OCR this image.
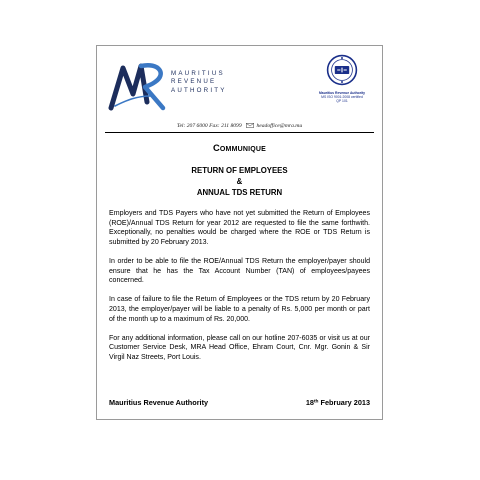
MAURITIUS
REVENUE
AUTHORITY	Mauritius Revenue Authority
MS ISO 9001:2008 certified
QP 101
Tel: 207 6000 Fax: 211 8099	headoffice@mra.mu
Communique
RETURN OF EMPLOYEES
&
ANNUAL TDS RETURN

Employers and TDS Payers who have not yet submitted the Return of Employees (ROE)/Annual TDS Return for year 2012 are requested to file the same forthwith. Exceptionally, no penalties would be charged where the ROE or TDS Return is submitted by 20 February 2013.

In order to be able to file the ROE/Annual TDS Return the employer/payer should ensure that he has the Tax Account Number (TAN) of employees/payees concerned.

In case of failure to file the Return of Employees or the TDS return by 20 February 2013, the employer/payer will be liable to a penalty of Rs. 5,000 per month or part of the month up to a maximum of Rs. 20,000.

For any additional information, please call on our hotline 207-6035 or visit us at our Customer Service Desk, MRA Head Office, Ehram Court, Cnr. Mgr. Gonin & Sir Virgil Naz Streets, Port Louis.

Mauritius Revenue Authority	18th February 2013
